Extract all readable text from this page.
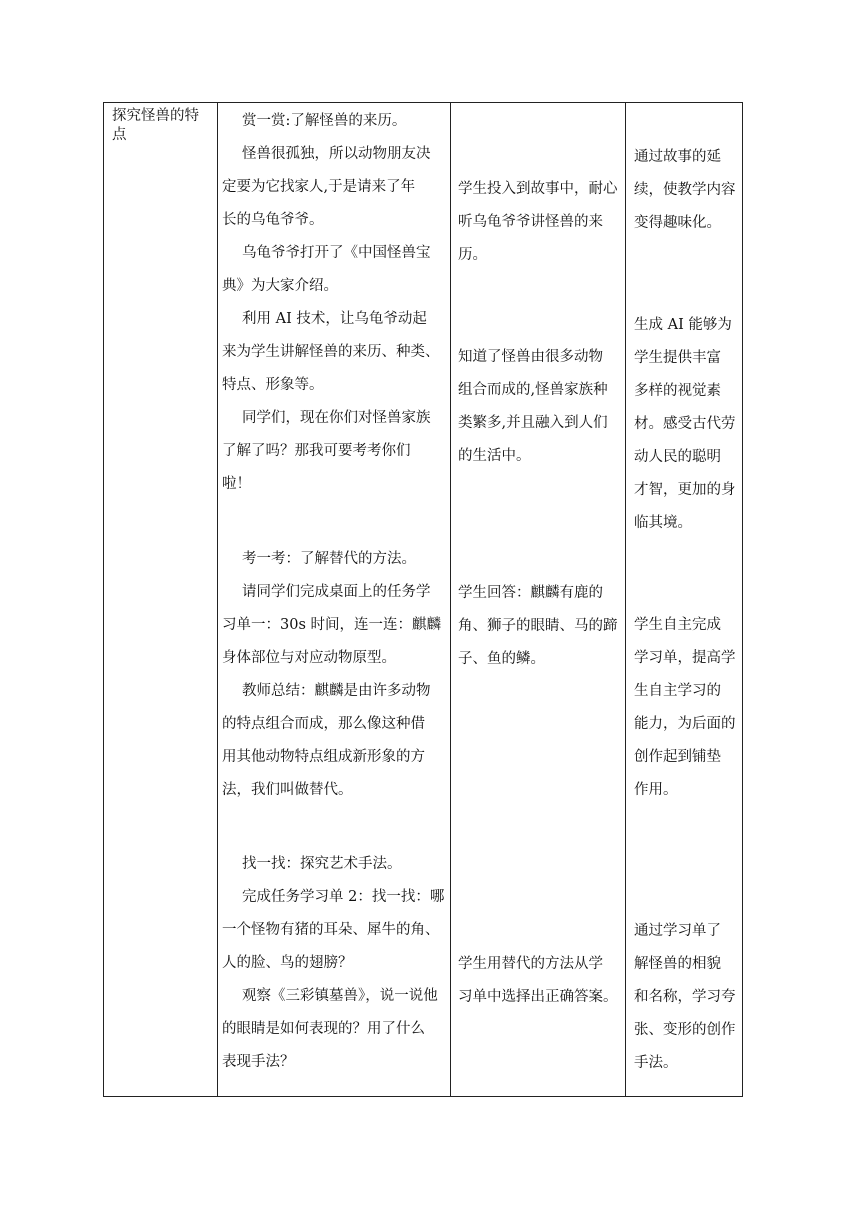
探究怪兽的特点
赏一赏:了解怪兽的来历。
怪兽很孤独，所以动物朋友决
定要为它找家人,于是请来了年
长的乌龟爷爷。
乌龟爷爷打开了《中国怪兽宝
典》为大家介绍。
利用 AI 技术，让乌龟爷动起
来为学生讲解怪兽的来历、种类、
特点、形象等。
同学们，现在你们对怪兽家族
了解了吗？那我可要考考你们
啦！
考一考：了解替代的方法。
请同学们完成桌面上的任务学
习单一：30s 时间，连一连：麒麟
身体部位与对应动物原型。
教师总结：麒麟是由许多动物
的特点组合而成，那么像这种借
用其他动物特点组成新形象的方
法，我们叫做替代。
找一找：探究艺术手法。
完成任务学习单 2：找一找：哪
一个怪物有猪的耳朵、犀牛的角、
人的脸、鸟的翅膀？
观察《三彩镇墓兽》，说一说他
的眼睛是如何表现的？用了什么
表现手法？
学生投入到故事中，耐心
听乌龟爷爷讲怪兽的来
历。
知道了怪兽由很多动物
组合而成的,怪兽家族种
类繁多,并且融入到人们
的生活中。
学生回答：麒麟有鹿的
角、狮子的眼睛、马的蹄
子、鱼的鳞。
学生用替代的方法从学
习单中选择出正确答案。
通过故事的延
续，使教学内容
变得趣味化。
生成 AI 能够为
学生提供丰富
多样的视觉素
材。感受古代劳
动人民的聪明
才智，更加的身
临其境。
学生自主完成
学习单，提高学
生自主学习的
能力，为后面的
创作起到铺垫
作用。
通过学习单了
解怪兽的相貌
和名称，学习夸
张、变形的创作
手法。
